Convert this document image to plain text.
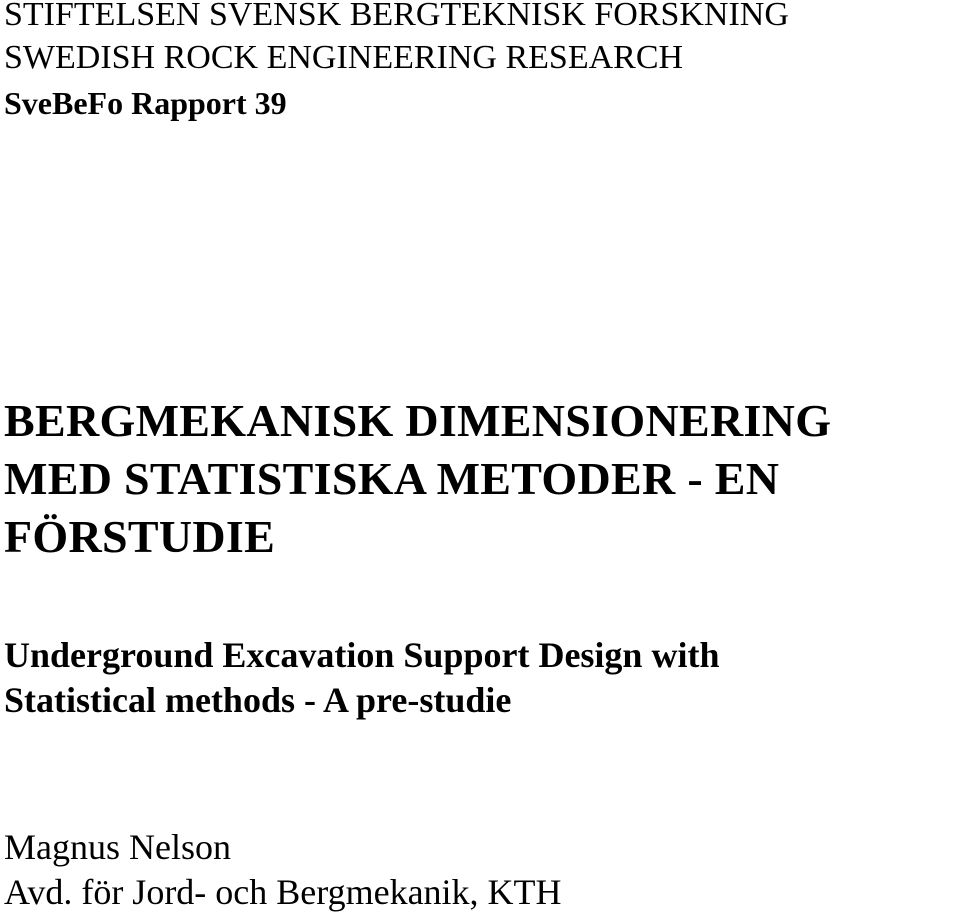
STIFTELSEN SVENSK BERGTEKNISK FORSKNING
SWEDISH ROCK ENGINEERING RESEARCH
SveBeFo Rapport 39
BERGMEKANISK DIMENSIONERING
MED STATISTISKA METODER - EN
FÖRSTUDIE
Underground Excavation Support Design with
Statistical methods - A pre-studie
Magnus Nelson
Avd. för Jord- och Bergmekanik, KTH
